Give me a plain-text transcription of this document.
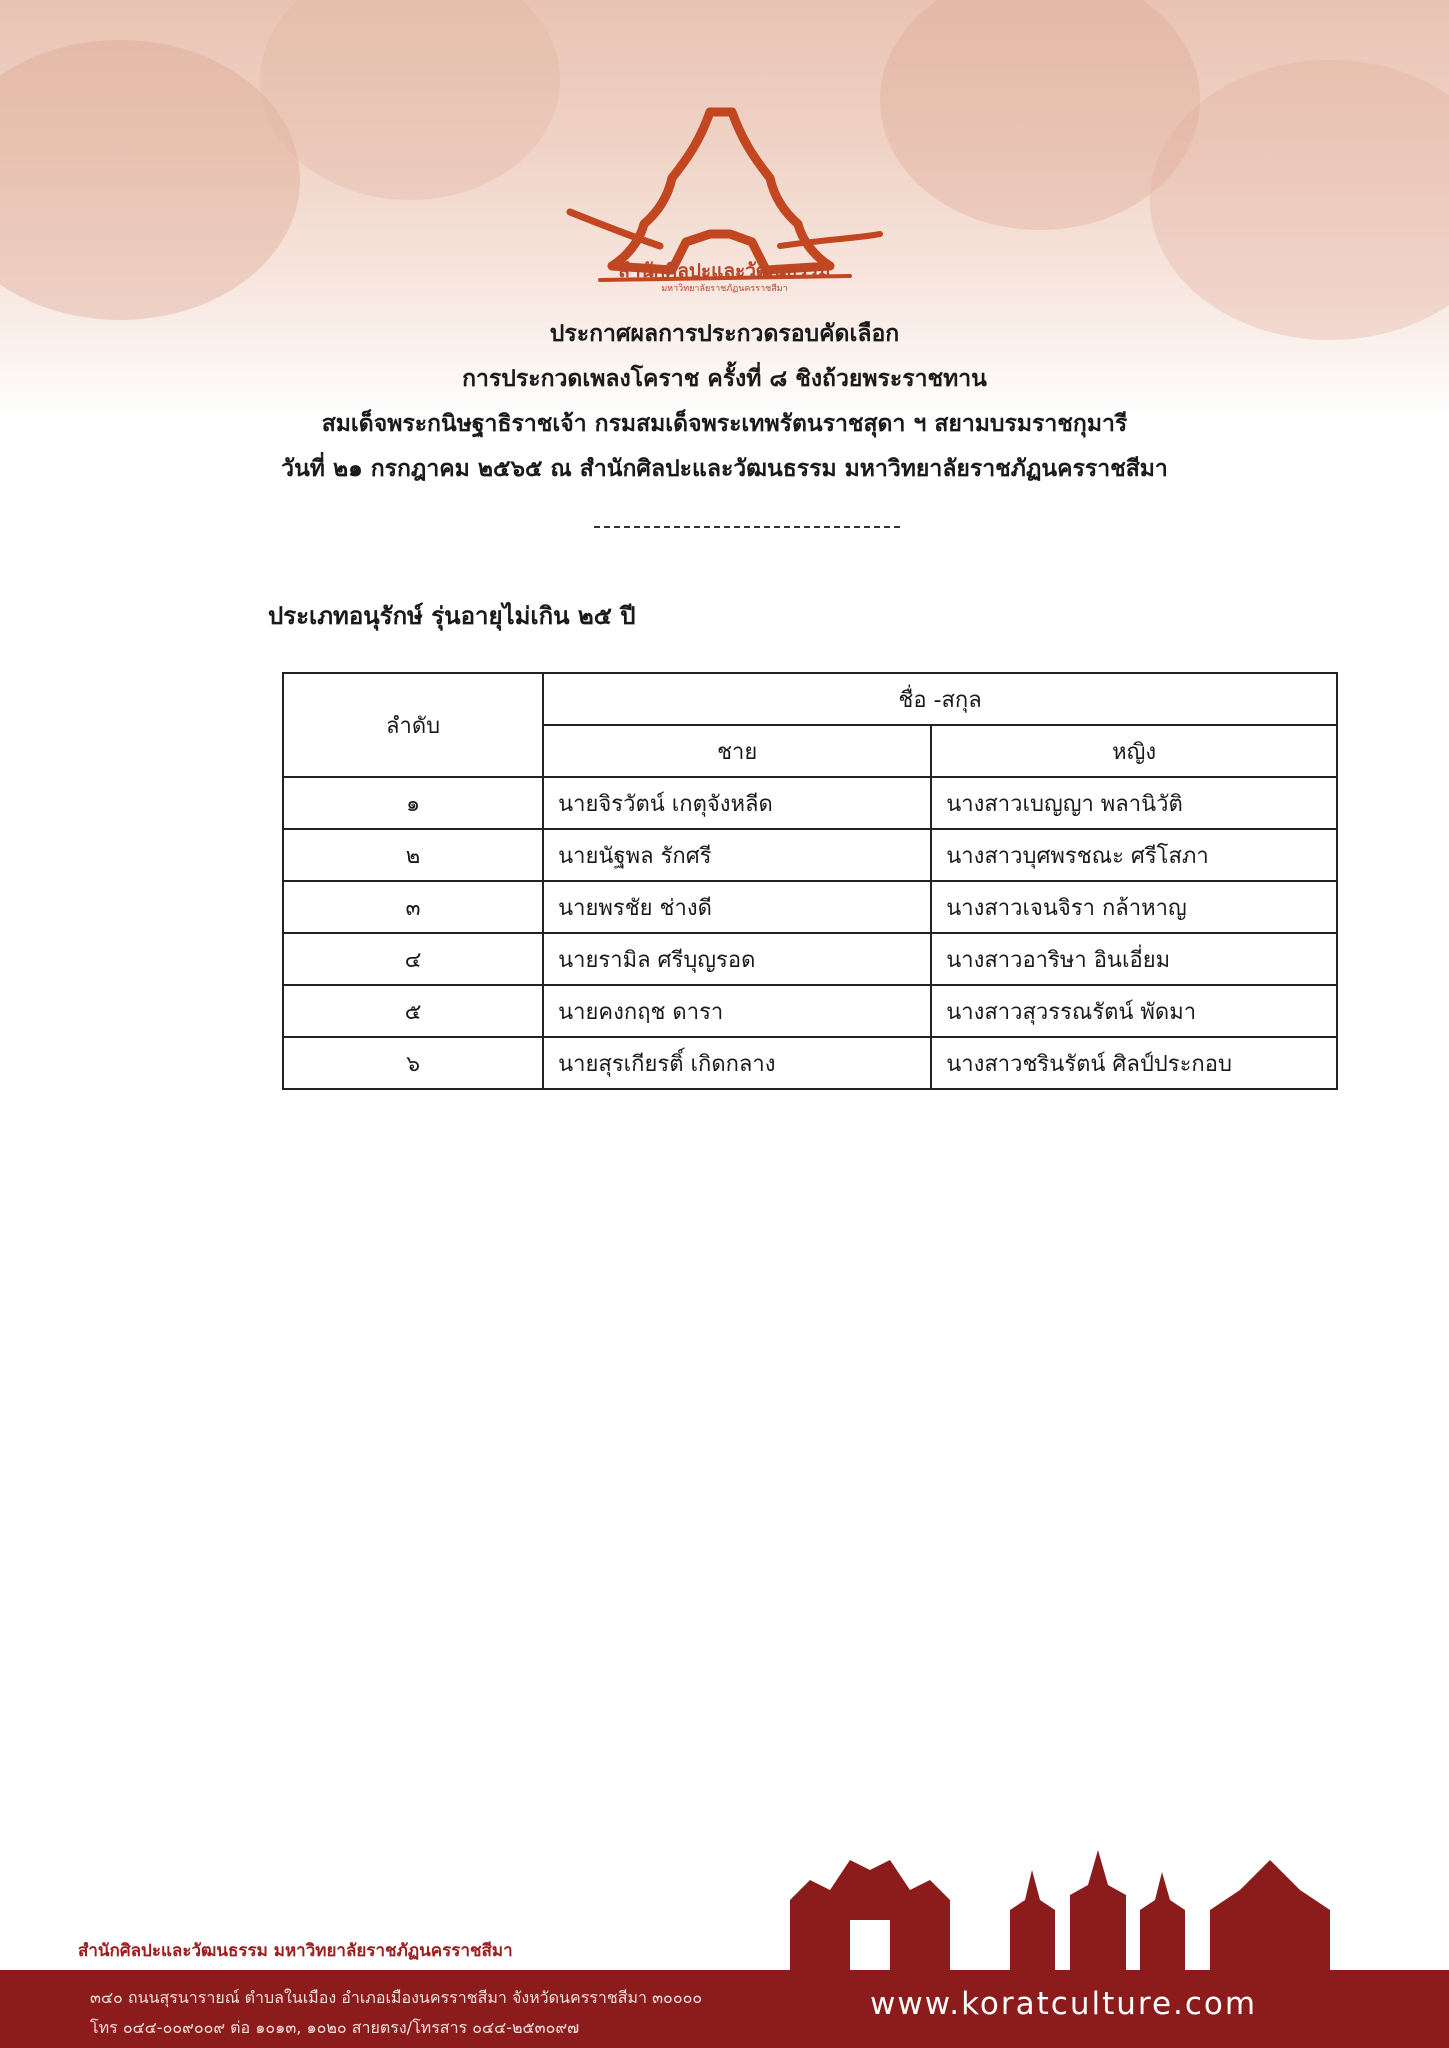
สำนักศิลปะและวัฒนธรรม
มหาวิทยาลัยราชภัฏนครราชสีมา
ประกาศผลการประกวดรอบคัดเลือก
การประกวดเพลงโคราช ครั้งที่ ๘ ชิงถ้วยพระราชทาน
สมเด็จพระกนิษฐาธิราชเจ้า กรมสมเด็จพระเทพรัตนราชสุดา ฯ สยามบรมราชกุมารี
วันที่ ๒๑ กรกฎาคม ๒๕๖๕ ณ สำนักศิลปะและวัฒนธรรม มหาวิทยาลัยราชภัฏนครราชสีมา
ประเภทอนุรักษ์ รุ่นอายุไม่เกิน ๒๕ ปี
ลำดับ	ชื่อ -สกุล	
	ชาย	หญิง
๑	นายจิรวัตน์ เกตุจังหลีด	นางสาวเบญญา พลานิวัติ
๒	นายนัฐพล รักศรี	นางสาวบุศพรชณะ ศรีโสภา
๓	นายพรชัย ช่างดี	นางสาวเจนจิรา กล้าหาญ
๔	นายรามิล ศรีบุญรอด	นางสาวอาริษา อินเอี่ยม
๕	นายคงกฤช ดารา	นางสาวสุวรรณรัตน์ พัดมา
๖	นายสุรเกียรติ์ เกิดกลาง	นางสาวชรินรัตน์ ศิลป์ประกอบ
สำนักศิลปะและวัฒนธรรม มหาวิทยาลัยราชภัฏนครราชสีมา
๓๔๐ ถนนสุรนารายณ์ ตำบลในเมือง อำเภอเมืองนครราชสีมา จังหวัดนครราชสีมา ๓๐๐๐๐
โทร ๐๔๔-๐๐๙๐๐๙ ต่อ ๑๐๑๓, ๑๐๒๐ สายตรง/โทรสาร ๐๔๔-๒๕๓๐๙๗
www.koratculture.com
